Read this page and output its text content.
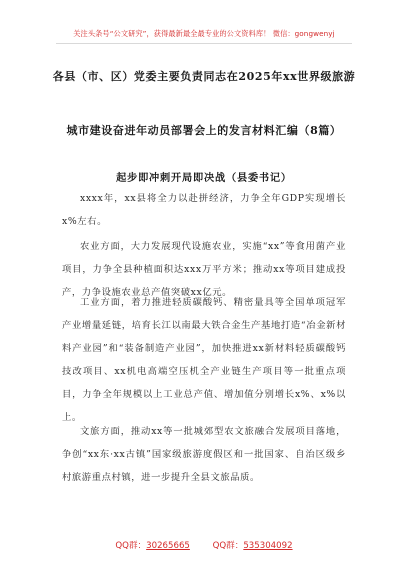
关注头条号“公文研究”，获得最新最全最专业的公文资料库！ 微信：gongwenyj
各县（市、区）党委主要负责同志在2025年xx世界级旅游
城市建设奋进年动员部署会上的发言材料汇编（8篇）
起步即冲刺开局即决战（县委书记）

xxxx年，xx县将全力以赴拼经济，力争全年GDP实现增长x%左右。

农业方面，大力发展现代设施农业，实施“xx”等食用菌产业项目，力争全县种植面积达xxx万平方米；推动xx等项目建成投产，力争设施农业总产值突破xx亿元。

工业方面，着力推进轻质碳酸钙、精密量具等全国单项冠军产业增量延链，培育长江以南最大铁合金生产基地打造“冶金新材料产业园”和“装备制造产业园”，加快推进xx新材料轻质碳酸钙技改项目、xx机电高端空压机全产业链生产项目等一批重点项目，力争全年规模以上工业总产值、增加值分别增长x%、x%以上。

文旅方面，推动xx等一批城郊型农文旅融合发展项目落地，争创“xx东·xx古镇”国家级旅游度假区和一批国家、自治区级乡村旅游重点村镇，进一步提升全县文旅品质。

QQ群：30265665	QQ群：535304092
